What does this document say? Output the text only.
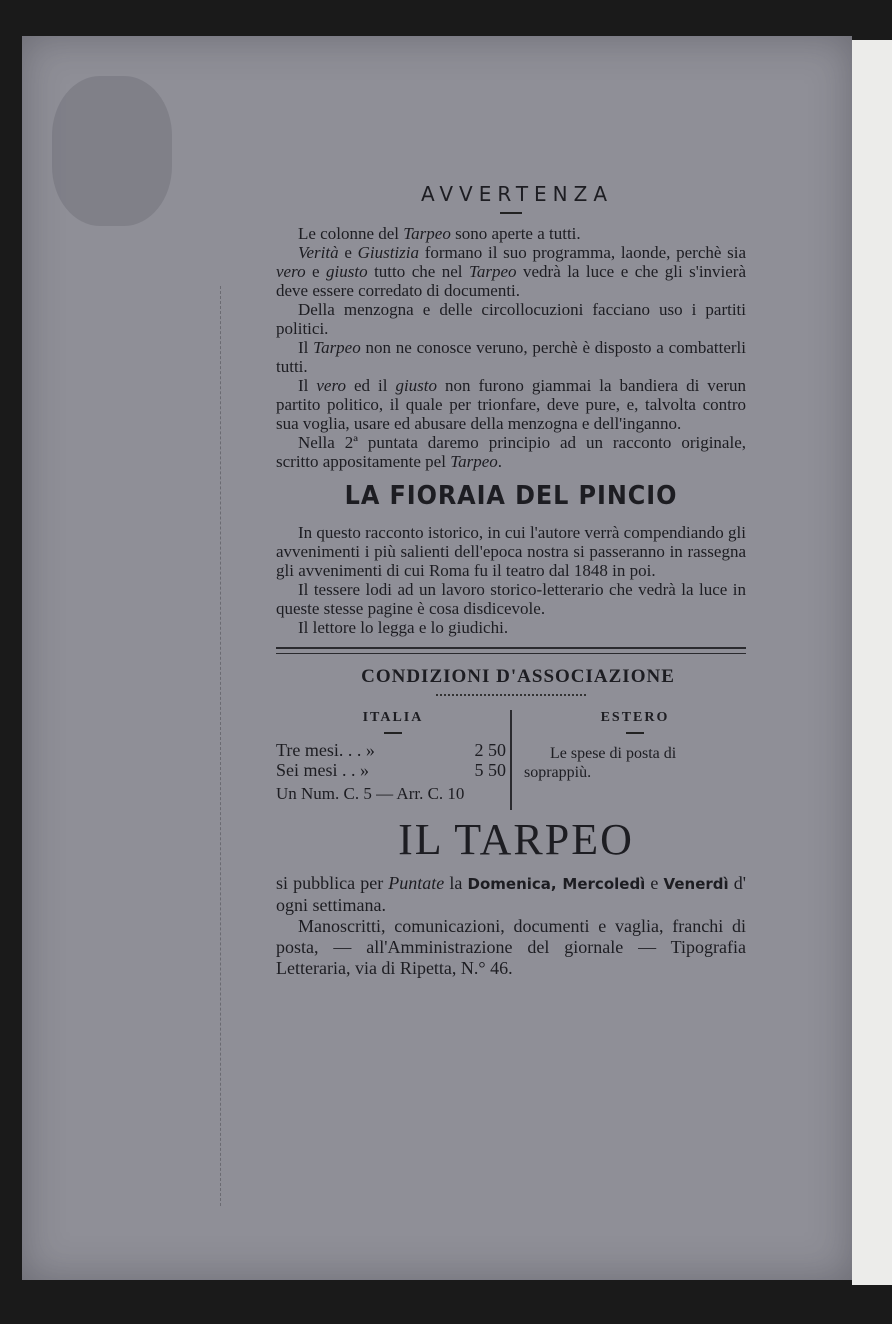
AVVERTENZA

Le colonne del Tarpeo sono aperte a tutti.

Verità e Giustizia formano il suo programma, laonde, perchè sia vero e giusto tutto che nel Tarpeo vedrà la luce e che gli s'invierà deve essere corredato di documenti.

Della menzogna e delle circollocuzioni facciano uso i partiti politici.

Il Tarpeo non ne conosce veruno, perchè è disposto a combatterli tutti.

Il vero ed il giusto non furono giammai la bandiera di verun partito politico, il quale per trionfare, deve pure, e, talvolta contro sua voglia, usare ed abusare della menzogna e dell'inganno.

Nella 2ª puntata daremo principio ad un racconto originale, scritto appositamente pel Tarpeo.

LA FIORAIA DEL PINCIO

In questo racconto istorico, in cui l'autore verrà compendiando gli avvenimenti i più salienti dell'epoca nostra si passeranno in rassegna gli avvenimenti di cui Roma fu il teatro dal 1848 in poi.

Il tessere lodi ad un lavoro storico-letterario che vedrà la luce in queste stesse pagine è cosa disdicevole.

Il lettore lo legga e lo giudichi.

CONDIZIONI D'ASSOCIAZIONE
ITALIA
Tre mesi. . . »	2 50
Sei mesi . . »	5 50
Un Num. C. 5 — Arr. C. 10
ESTERO
Le spese di posta di soprappiù.
IL TARPEO

si pubblica per Puntate la Domenica, Mercoledì e Venerdì d' ogni settimana.

Manoscritti, comunicazioni, documenti e vaglia, franchi di posta, — all'Amministrazione del giornale — Tipografia Letteraria, via di Ripetta, N.° 46.
